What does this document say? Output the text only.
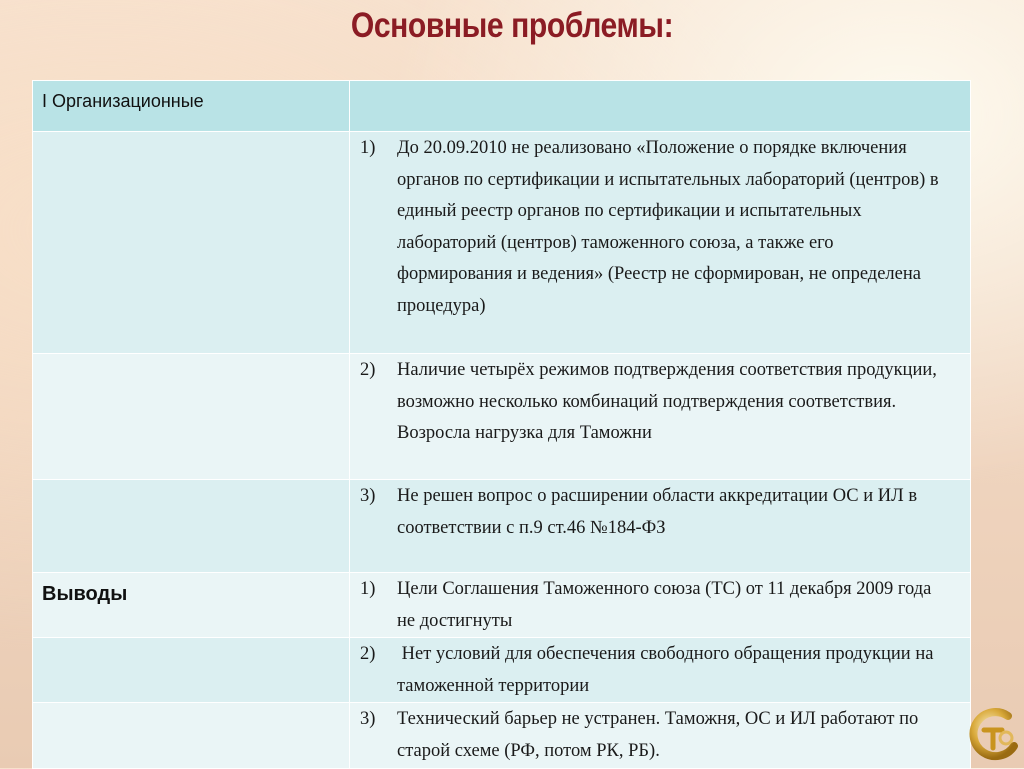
Основные проблемы:
I Организационные	

	1) До 20.09.2010 не реализовано «Положение о порядке включения органов по сертификации и испытательных лабораторий (центров) в единый реестр органов по сертификации и испытательных лабораторий (центров) таможенного союза, а также его формирования и ведения» (Реестр не сформирован, не определена процедура)

	2) Наличие четырёх режимов подтверждения соответствия продукции, возможно несколько комбинаций подтверждения соответствия. Возросла нагрузка для Таможни

	3) Не решен вопрос о расширении области аккредитации ОС и ИЛ в соответствии с п.9 ст.46 №184-ФЗ

Выводы	1) Цели Соглашения Таможенного союза (ТС) от 11 декабря 2009 года не достигнуты

	2) Нет условий для обеспечения свободного обращения продукции на таможенной территории

	3) Технический барьер не устранен. Таможня, ОС и ИЛ работают по старой схеме (РФ, потом РК, РБ).
